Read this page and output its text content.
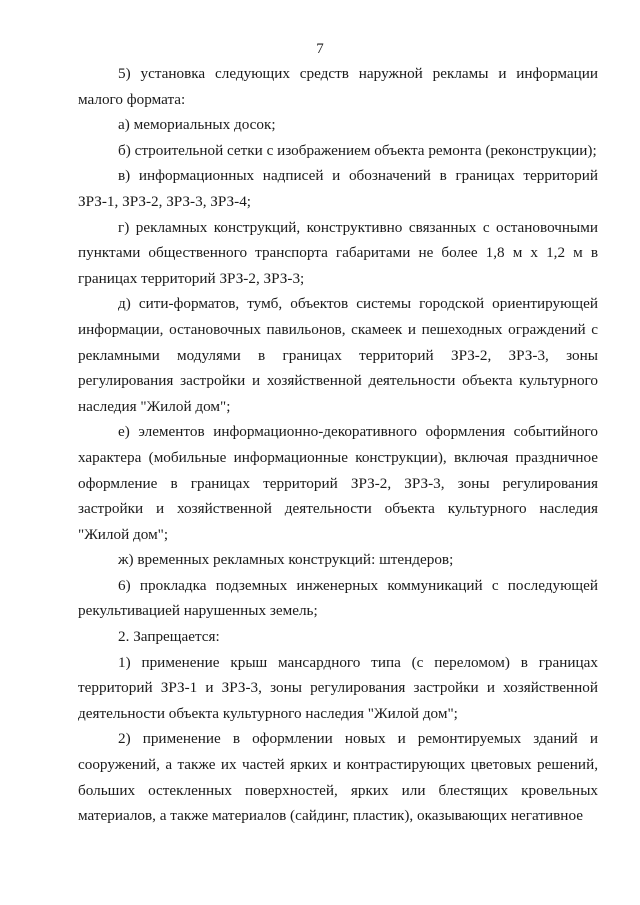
7

5) установка следующих средств наружной рекламы и информации малого формата:

а) мемориальных досок;

б) строительной сетки с изображением объекта ремонта (реконструкции);

в) информационных надписей и обозначений в границах территорий ЗРЗ-1, ЗРЗ-2, ЗРЗ-3, ЗРЗ-4;

г) рекламных конструкций, конструктивно связанных с остановочными пунктами общественного транспорта габаритами не более 1,8 м х 1,2 м в границах территорий ЗРЗ-2, ЗРЗ-3;

д) сити-форматов, тумб, объектов системы городской ориентирующей информации, остановочных павильонов, скамеек и пешеходных ограждений с рекламными модулями в границах территорий ЗРЗ-2, ЗРЗ-3, зоны регулирования застройки и хозяйственной деятельности объекта культурного наследия "Жилой дом";

е) элементов информационно-декоративного оформления событийного характера (мобильные информационные конструкции), включая праздничное оформление в границах территорий ЗРЗ-2, ЗРЗ-3, зоны регулирования застройки и хозяйственной деятельности объекта культурного наследия "Жилой дом";

ж) временных рекламных конструкций: штендеров;

6) прокладка подземных инженерных коммуникаций с последующей рекультивацией нарушенных земель;

2. Запрещается:

1) применение крыш мансардного типа (с переломом) в границах территорий ЗРЗ-1 и ЗРЗ-3, зоны регулирования застройки и хозяйственной деятельности объекта культурного наследия "Жилой дом";

2) применение в оформлении новых и ремонтируемых зданий и сооружений, а также их частей ярких и контрастирующих цветовых решений, больших остекленных поверхностей, ярких или блестящих кровельных материалов, а также материалов (сайдинг, пластик), оказывающих негативное
